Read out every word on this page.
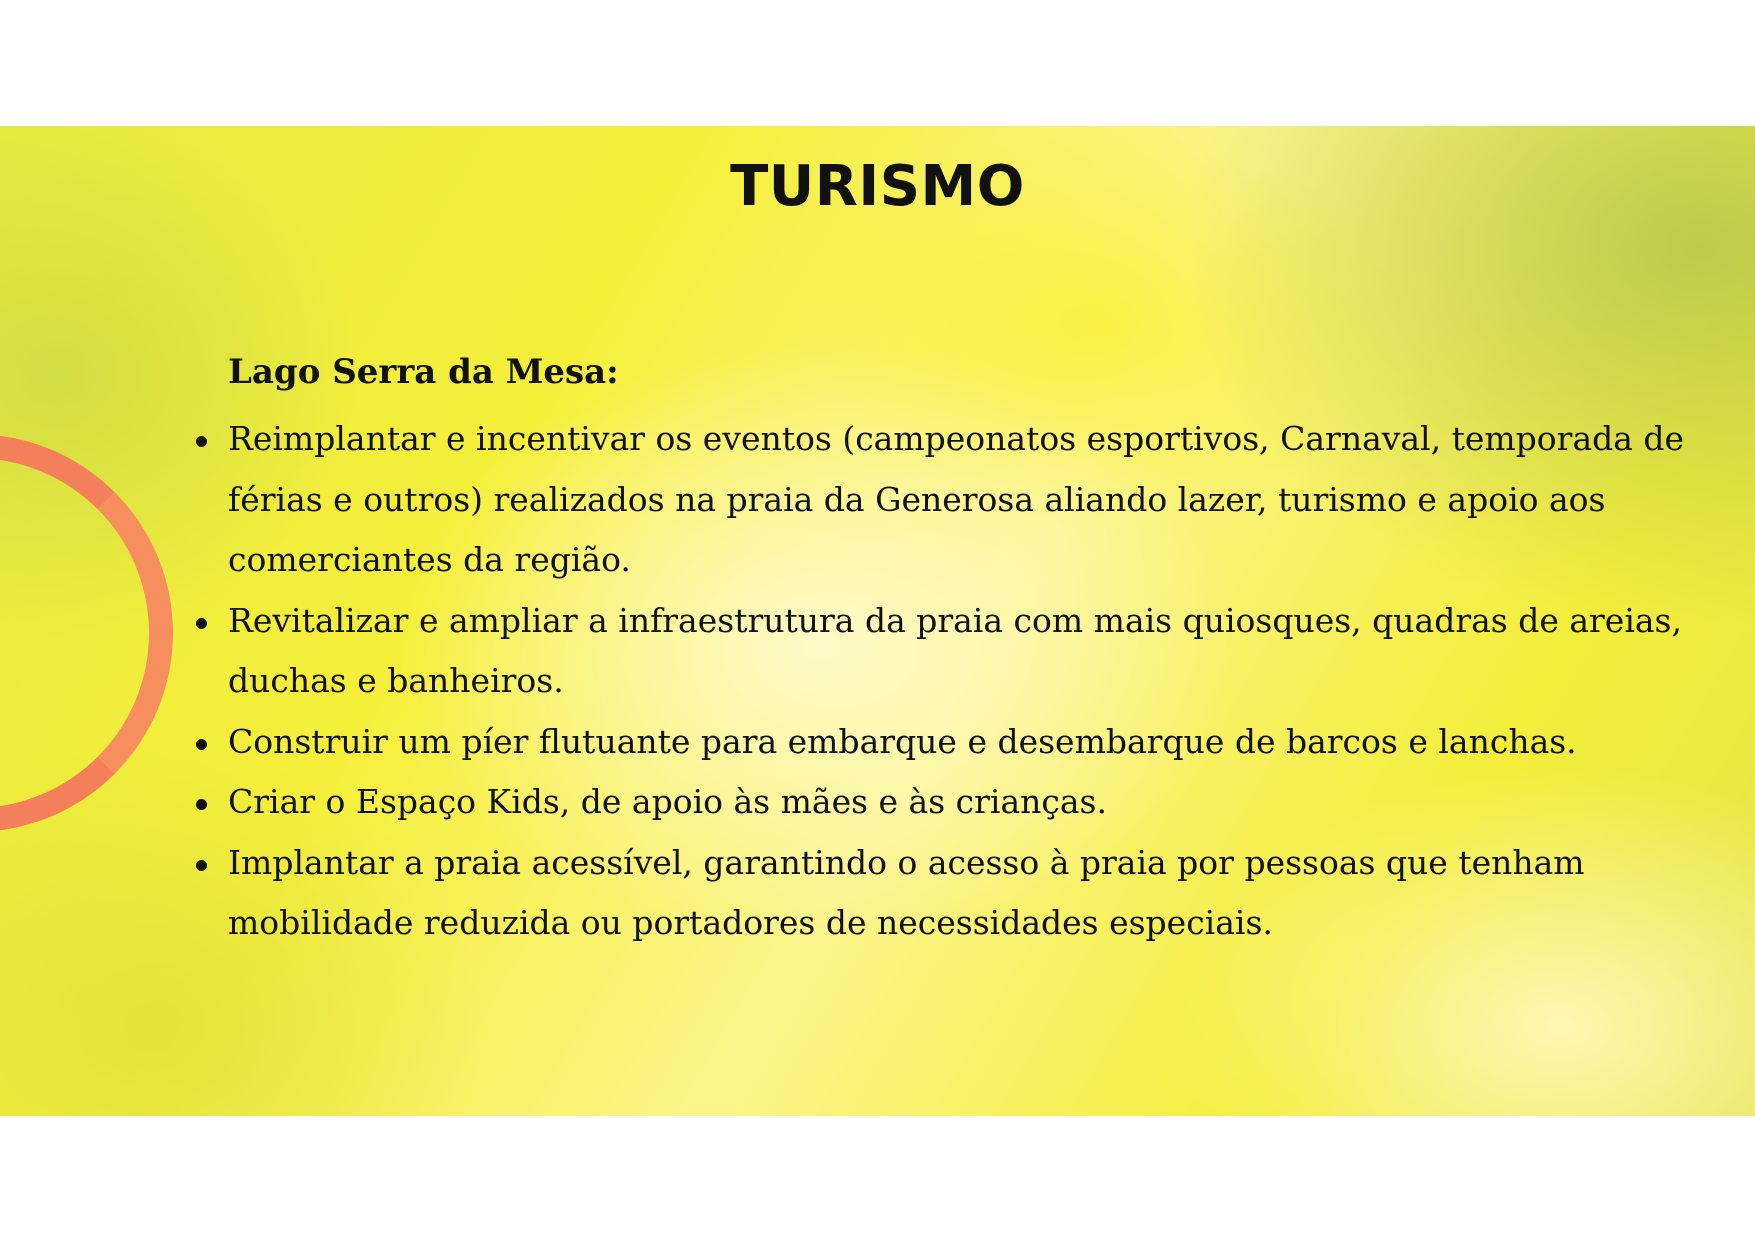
TURISMO

Lago Serra da Mesa:

Reimplantar e incentivar os eventos (campeonatos esportivos, Carnaval, temporada de férias e outros) realizados na praia da Generosa aliando lazer, turismo e apoio aos comerciantes da região.
Revitalizar e ampliar a infraestrutura da praia com mais quiosques, quadras de areias, duchas e banheiros.
Construir um píer flutuante para embarque e desembarque de barcos e lanchas.
Criar o Espaço Kids, de apoio às mães e às crianças.
Implantar a praia acessível, garantindo o acesso à praia por pessoas que tenham mobilidade reduzida ou portadores de necessidades especiais.
